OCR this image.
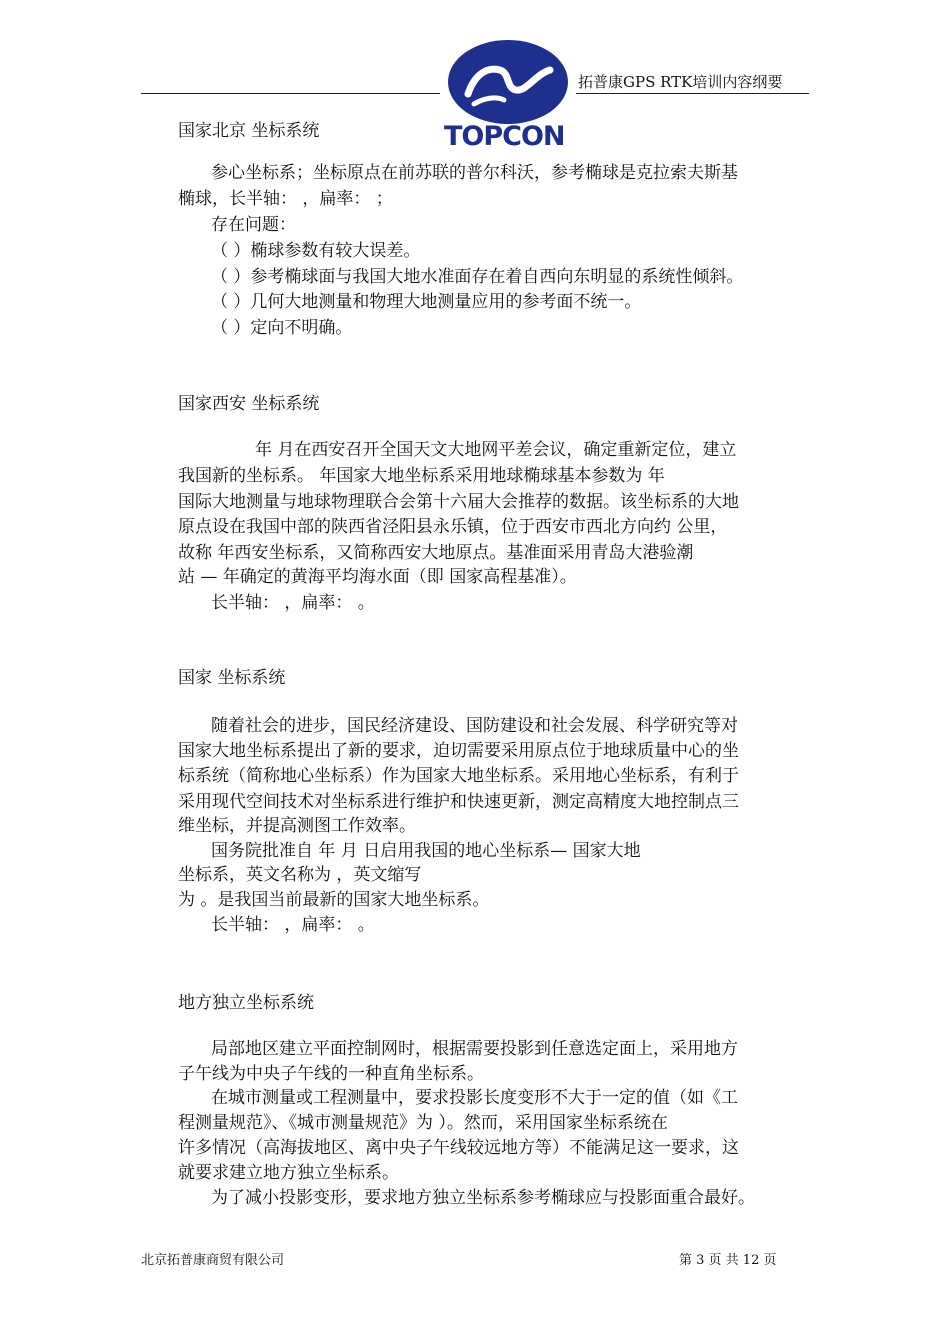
拓普康GPS RTK培训内容纲要
TOPCON
国家北京 坐标系统
参心坐标系；坐标原点在前苏联的普尔科沃，参考椭球是克拉索夫斯基
椭球，长半轴： ，扁率： ；
存在问题：
（ ）椭球参数有较大误差。
（ ）参考椭球面与我国大地水准面存在着自西向东明显的系统性倾斜。
（ ）几何大地测量和物理大地测量应用的参考面不统一。
（ ）定向不明确。
国家西安 坐标系统
年 月在西安召开全国天文大地网平差会议，确定重新定位，建立
我国新的坐标系。 年国家大地坐标系采用地球椭球基本参数为 年
国际大地测量与地球物理联合会第十六届大会推荐的数据。该坐标系的大地
原点设在我国中部的陕西省泾阳县永乐镇，位于西安市西北方向约 公里，
故称 年西安坐标系，又简称西安大地原点。基准面采用青岛大港验潮
站 — 年确定的黄海平均海水面（即 国家高程基准）。
长半轴： ，扁率： 。
国家 坐标系统
随着社会的进步，国民经济建设、国防建设和社会发展、科学研究等对
国家大地坐标系提出了新的要求，迫切需要采用原点位于地球质量中心的坐
标系统（简称地心坐标系）作为国家大地坐标系。采用地心坐标系，有利于
采用现代空间技术对坐标系进行维护和快速更新，测定高精度大地控制点三
维坐标，并提高测图工作效率。
国务院批准自 年 月 日启用我国的地心坐标系— 国家大地
坐标系，英文名称为 ，英文缩写
为 。是我国当前最新的国家大地坐标系。
长半轴： ，扁率： 。
地方独立坐标系统
局部地区建立平面控制网时，根据需要投影到任意选定面上，采用地方
子午线为中央子午线的一种直角坐标系。
在城市测量或工程测量中，要求投影长度变形不大于一定的值（如《工
程测量规范》、《城市测量规范》为 ）。然而，采用国家坐标系统在
许多情况（高海拔地区、离中央子午线较远地方等）不能满足这一要求，这
就要求建立地方独立坐标系。
为了减小投影变形，要求地方独立坐标系参考椭球应与投影面重合最好。
北京拓普康商贸有限公司	第 3 页 共 12 页
